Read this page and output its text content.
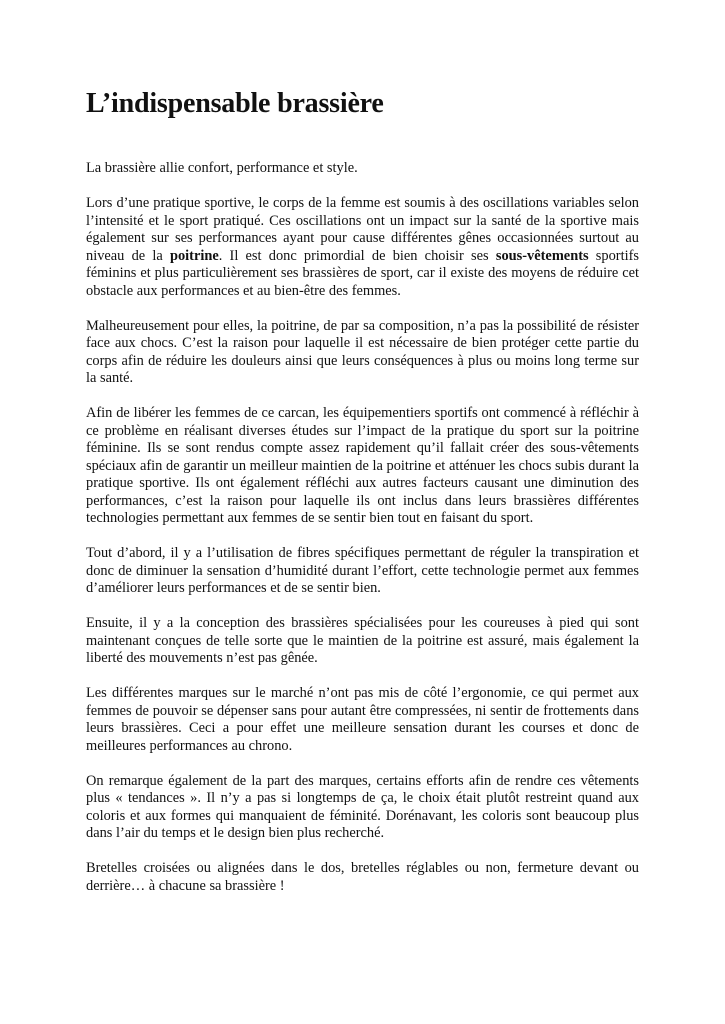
L’indispensable brassière

La brassière allie confort, performance et style.

Lors d’une pratique sportive, le corps de la femme est soumis à des oscillations variables selon l’intensité et le sport pratiqué. Ces oscillations ont un impact sur la santé de la sportive mais également sur ses performances ayant pour cause différentes gênes occasionnées surtout au niveau de la poitrine. Il est donc primordial de bien choisir ses sous-vêtements sportifs féminins et plus particulièrement ses brassières de sport, car il existe des moyens de réduire cet obstacle aux performances et au bien-être des femmes.

Malheureusement pour elles, la poitrine, de par sa composition, n’a pas la possibilité de résister face aux chocs. C’est la raison pour laquelle il est nécessaire de bien protéger cette partie du corps afin de réduire les douleurs ainsi que leurs conséquences à plus ou moins long terme sur la santé.

Afin de libérer les femmes de ce carcan, les équipementiers sportifs ont commencé à réfléchir à ce problème en réalisant diverses études sur l’impact de la pratique du sport sur la poitrine féminine. Ils se sont rendus compte assez rapidement qu’il fallait créer des sous-vêtements spéciaux afin de garantir un meilleur maintien de la poitrine et atténuer les chocs subis durant la pratique sportive. Ils ont également réfléchi aux autres facteurs causant une diminution des performances, c’est la raison pour laquelle ils ont inclus dans leurs brassières différentes technologies permettant aux femmes de se sentir bien tout en faisant du sport.

Tout d’abord, il y a l’utilisation de fibres spécifiques permettant de réguler la transpiration et donc de diminuer la sensation d’humidité durant l’effort, cette technologie permet aux femmes d’améliorer leurs performances et de se sentir bien.

Ensuite, il y a la conception des brassières spécialisées pour les coureuses à pied qui sont maintenant conçues de telle sorte que le maintien de la poitrine est assuré, mais également la liberté des mouvements n’est pas gênée.

Les différentes marques sur le marché n’ont pas mis de côté l’ergonomie, ce qui permet aux femmes de pouvoir se dépenser sans pour autant être compressées, ni sentir de frottements dans leurs brassières. Ceci a pour effet une meilleure sensation durant les courses et donc de meilleures performances au chrono.

On remarque également de la part des marques, certains efforts afin de rendre ces vêtements plus « tendances ». Il n’y a pas si longtemps de ça, le choix était plutôt restreint quand aux coloris et aux formes qui manquaient de féminité. Dorénavant, les coloris sont beaucoup plus dans l’air du temps et le design bien plus recherché.

Bretelles croisées ou alignées dans le dos, bretelles réglables ou non, fermeture devant ou derrière… à chacune sa brassière !
